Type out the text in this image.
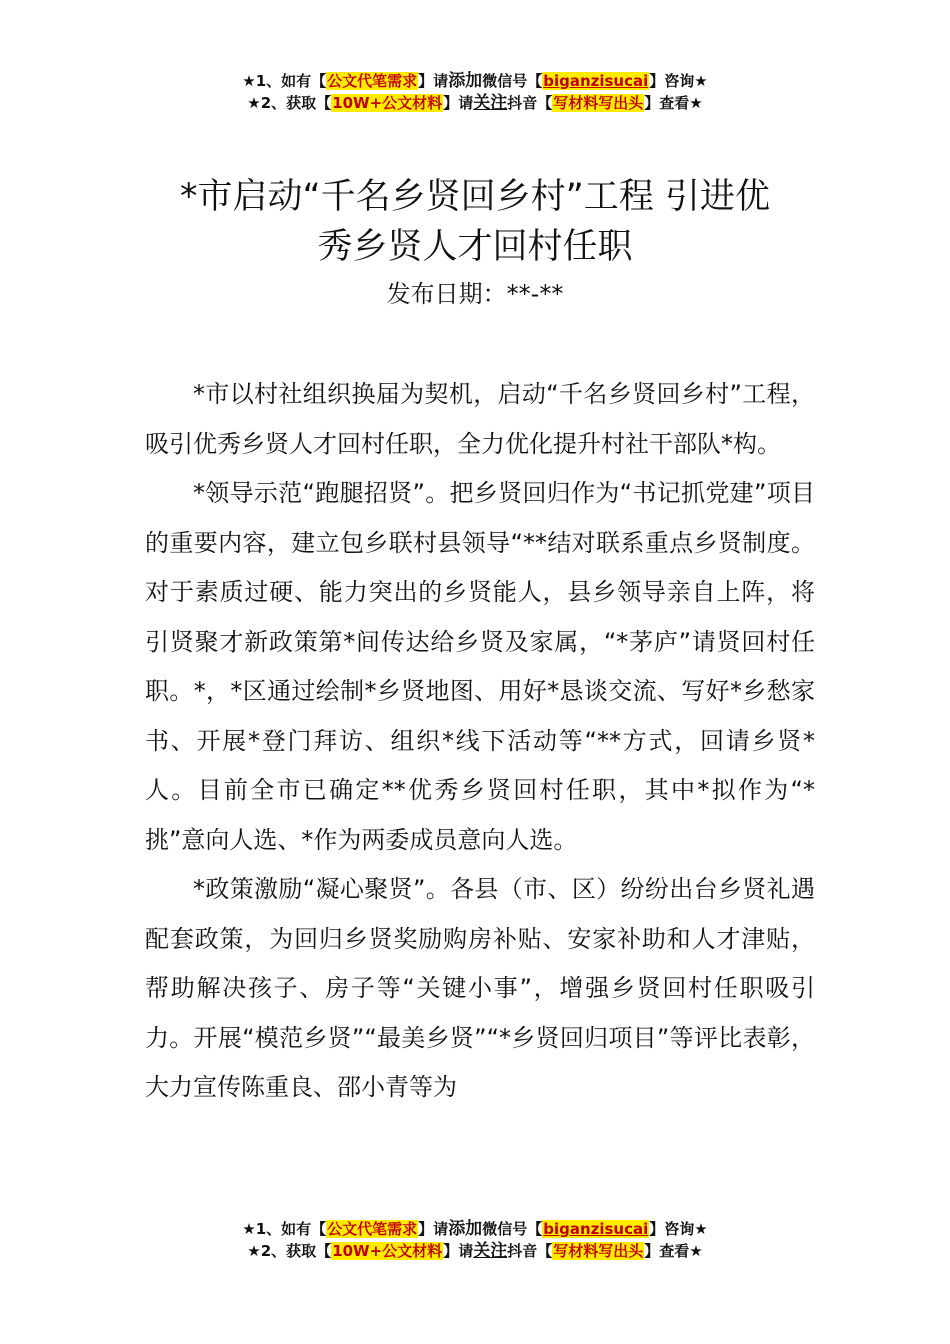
★1、如有【公文代笔需求】请添加微信号【biganzisucai】咨询★
★2、获取【10W+公文材料】请关注抖音【写材料写出头】查看★
*市启动“千名乡贤回乡村”工程 引进优
秀乡贤人才回村任职
发布日期：**-**

*市以村社组织换届为契机，启动“千名乡贤回乡村”工程，吸引优秀乡贤人才回村任职，全力优化提升村社干部队*构。

*领导示范“跑腿招贤”。把乡贤回归作为“书记抓党建”项目的重要内容，建立包乡联村县领导“**结对联系重点乡贤制度。对于素质过硬、能力突出的乡贤能人，县乡领导亲自上阵，将引贤聚才新政策第*间传达给乡贤及家属，“*茅庐”请贤回村任职。*，*区通过绘制*乡贤地图、用好*恳谈交流、写好*乡愁家书、开展*登门拜访、组织*线下活动等“**方式，回请乡贤*人。目前全市已确定**优秀乡贤回村任职，其中*拟作为“*挑”意向人选、*作为两委成员意向人选。

*政策激励“凝心聚贤”。各县（市、区）纷纷出台乡贤礼遇配套政策，为回归乡贤奖励购房补贴、安家补助和人才津贴，帮助解决孩子、房子等“关键小事”，增强乡贤回村任职吸引力。开展“模范乡贤”“最美乡贤”“*乡贤回归项目”等评比表彰，大力宣传陈重良、邵小青等为

★1、如有【公文代笔需求】请添加微信号【biganzisucai】咨询★
★2、获取【10W+公文材料】请关注抖音【写材料写出头】查看★
